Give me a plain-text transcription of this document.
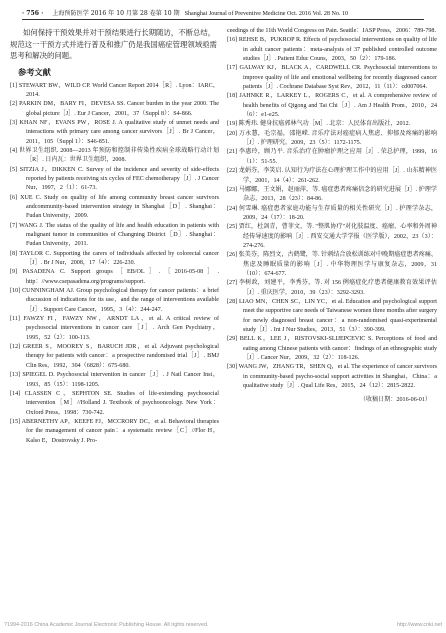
· 756 · 上海预防医学 2016 年 10 月第 28 卷第 10 期 Shanghai Journal of Preventive Medicine Oct. 2016 Vol. 28 No. 10

如何保持干预效果并对干预结果进行长期随访，不断总结，规范这一干预方式并进行普及和推广仍是我国癌症管理领域亟需思考和解决的问题。

参考文献
[1] STEWART BW，WILD CP. World Cancer Report 2014［R］. Lyon：IARC，2014.
[2] PARKIN DM，BARY FI，DEVESA SS. Cancer burden in the year 2000. The global picture［J］. Eur J Cancer，2001，37（Suppl 8）：S4-866.
[3] KHAN NF，EVANS PW，ROSE J. A qualitative study of unmet needs and interactions with primary care among cancer survivors［J］. Br J Cancer，2011，105（Suppl 1）：S46-851.
[4] 世界卫生组织. 2008—2013 年预防和控制非传染性疾病全球战略行动计划［R］. 日内瓦：世界卫生组织，2008.
[5] SITZIA J，DIKKEN C. Survey of the incidence and severity of side-effects reported by patients receiving six cycles of FEC chemotherapy［J］. J Cancer Nur，1997，2（1）：61-73.
[6] XUE C. Study on quality of life among community breast cancer survivors andcommunity-based intervention strategy in Shanghai［D］. Shanghai：Fudan University，2009.
[7] WANG J. The status of the quality of life and health education in patients with malignant tumor in communities of Changning District［D］. Shanghai：Fudan University，2011.
[8] TAYLOR C. Supporting the carers of individuals affected by colorectal cancer［J］. Br J Nur，2008，17（4）：226-230.
[9] PASADENA C. Support groups［EB/OL］.［2016-05-08］. http：//www.csepasadena.org/programs/support.
[10] CUNNINGHAM AJ. Group psychological therapy for cancer patients：a brief discussion of indications for its use，and the range of interventions available［J］. Support Care Cancer，1995，3（4）：244-247.
[11] FAWZY FI，FAWZY NW，ARNDT LA，et al. A critical review of psychosocial interventions in cancer care［J］. Arch Gen Psychiatry，1995，52（2）：100-113.
[12] GREER S，MOOREY S，BARUCH JDR，et al. Adjuvant psychological therapy for patients with cancer：a prospective randomised trial［J］. BMJ Clin Res，1992，304（6828）：675-680.
[13] SPIEGEL D. Psychosocial intervention in cancer［J］. J Natl Cancer Inst，1993，85（15）：1198-1205.
[14] CLASSEN C，SEPHTON SE. Studies of life-extending psychosocial intervention［M］//Holland J. Textbook of psychooncology. New York：Oxford Press，1998：730-742.
[15] ABERNETHY AP，KEEFE FJ，MCCRORY DC，et al. Behavioral therapies for the management of cancer pain：a systematic review［C］//Flor H，Kalso E，Dostrovsky J. Pro-
ceedings of the 11th World Congress on Pain. Seattle：IASP Press，2006：789-798.
[16] REHSE B，PUKROP R. Effects of psychosocial interventions on quality of life in adult cancer patients：meta-analysis of 37 published controlled outcome studies［J］. Patient Educ Couns，2003，50（2）：179-186.
[17] GALWAY KJ，BLACK A，CARDWELL CR. Psychosocial interventions to improve quality of life and emotional wellbeing for recently diagnosed cancer patients［J］. Cochrane Database Syst Rev，2012，11（11）：cd007064.
[18] JAHNKE R，LARKEY L，ROGERS C，et al. A comprehensive review of health benefits of Qigong and Tai Chi［J］. Am J Health Prom，2010，24（6）：e1-e25.
[19] 陈秀玮. 健身抗癌郭林气功［M］. 北京：人民体育出版社，2012.
[20] 万永慧，毛宗福，邵艳嵘. 音乐疗法对癌症病人焦虑、抑郁及疼痛的影响［J］. 护理研究，2009，23（5）：1172-1175.
[21] 李惠玲，顾乃平. 音乐治疗在肿瘤护理之应用［J］. 荣总护理，1999，16（1）：51-55.
[22] 龙娟芬，李笑启. 认知行为疗法在心理护理工作中的应用［J］. 山东精神医学，2001，14（4）：261-262.
[23] 马娜娜，王文娟，赵丽萍，等. 癌症患者疼痛信念的研究进展［J］. 护理学杂志，2013，28（23）：84-86.
[24] 何雪琳. 癌症患者家庭功能与生存质量的相关性研究［J］. 护理学杂志，2009，24（17）：18-20.
[25] 贾红，杜剑青，曹菲文，等. "整肌协疗"对化肢温度、癌瘤、心率和外周神经传导速度的影响［J］. 西安交通大学学报（医学版），2002，23（3）：274-276.
[26] 张美芬，陈烈文，古鹤鹭，等. 针刺结合放松训练对中晚期癌症患者疼痛、焦虑及睡眠质量的影响［J］. 中华物理医学与康复杂志，2009，31（10）：674-677.
[27] 李树政，刘建平，李秀芬，等. 对 156 例癌症化疗患者健康教育效果评估［J］. 重庆医学，2010，39（23）：3292-3293.
[28] LIAO MN，CHEN SC，LIN YC，et al. Education and psychological support meet the supportive care needs of Taiwanese women three months after surgery for newly diagnosed breast cancer：a non-randomised quasi-experimental study［J］. Int J Nur Studies，2013，51（3）：390-399.
[29] BELL K，LEE J，RISTOVSKI-SLIJEPCEVIC S. Perceptions of food and eating among Chinese patients with cancer：findings of an ethnographic study［J］. Cancer Nur，2009，32（2）：118-126.
[30] WANG JW，ZHANG TR，SHEN Q，et al. The experience of cancer survivors in community-based psycho-social support activities in Shanghai，China：a qualitative study［J］. Qual Life Res，2015，24（12）：2815-2822.

（收稿日期：2016-06-01）

?1994-2016 China Academic Journal Electronic Publishing House. All rights reserved.	http://www.cnki.net
